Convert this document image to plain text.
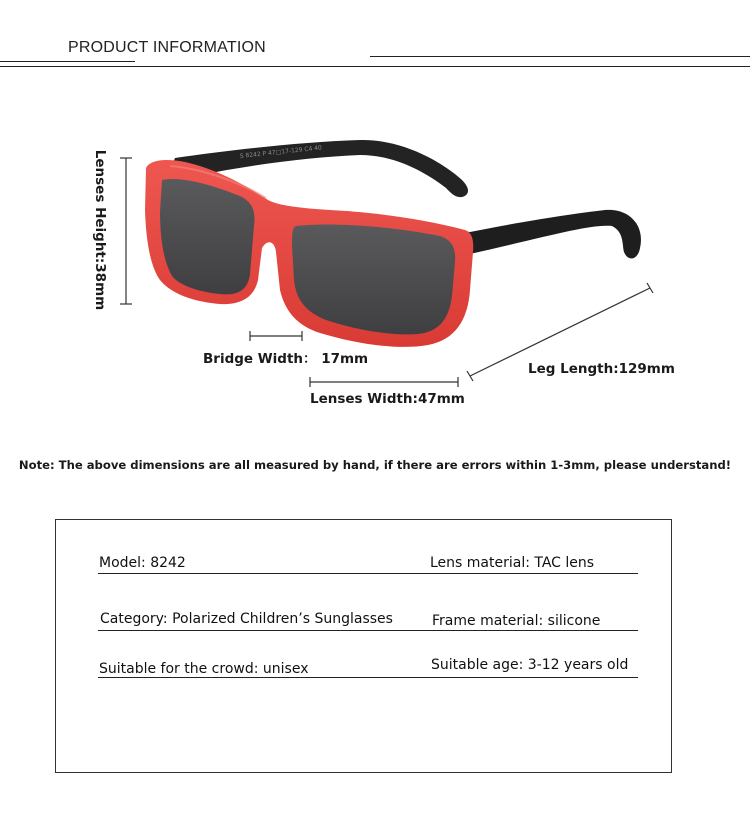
PRODUCT INFORMATION
S 8242 P 47□17-129 C4 40
Lenses Height:38mm
Bridge Width： 17mm
Lenses Width:47mm
Leg Length:129mm
Note: The above dimensions are all measured by hand, if there are errors within 1-3mm, please understand!
Model: 8242	Lens material: TAC lens
Category: Polarized Children’s Sunglasses	Frame material: silicone
Suitable for the crowd: unisex	Suitable age: 3-12 years old
